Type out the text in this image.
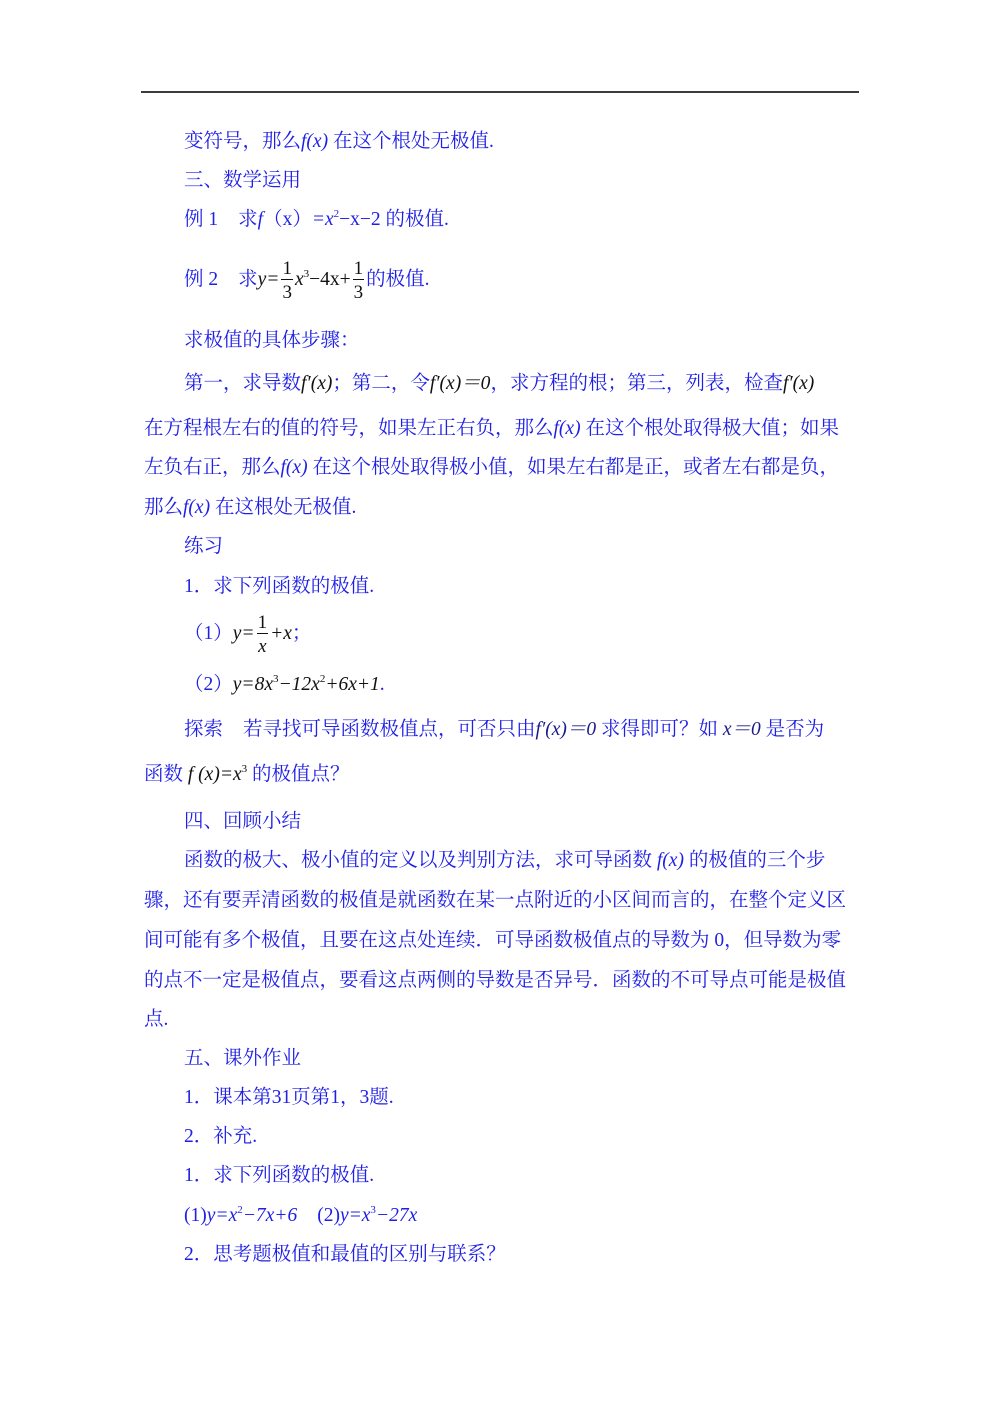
变符号，那么f(x) 在这个根处无极值.
三、数学运用
例 1 求$f(x)=x^2-x-2$ 的极值.
例 2 求$y= \frac{1}{3} x^3-4x+ \frac{1}{3}$ 的极值.
求极值的具体步骤：
第一，求导数f′(x)；第二，令f′(x)＝0，求方程的根；第三，列表，检查f′(x)
在方程根左右的值的符号，如果左正右负，那么f(x) 在这个根处取得极大值；如果
左负右正，那么f(x) 在这个根处取得极小值，如果左右都是正，或者左右都是负，
那么f(x) 在这根处无极值.
练习
1．求下列函数的极值.
$(1)y= \frac{1}{x} +x$；
$(2)y=8x^3-12x^2+6x+1$.
探索 若寻找可导函数极值点，可否只由f′(x)＝0 求得即可？如 x＝0 是否为
函数 f $(x)=x^3$ 的极值点？
四、回顾小结
函数的极大、极小值的定义以及判别方法，求可导函数 f(x) 的极值的三个步
骤，还有要弄清函数的极值是就函数在某一点附近的小区间而言的，在整个定义区
间可能有多个极值，且要在这点处连续．可导函数极值点的导数为 0，但导数为零
的点不一定是极值点，要看这点两侧的导数是否异号．函数的不可导点可能是极值
点.
五、课外作业
1．课本第31页第1，3题.
2．补充.
1．求下列函数的极值.
$(1)y=x^2-7x+6$ $(2)y=x^3-27x$
2．思考题极值和最值的区别与联系？
